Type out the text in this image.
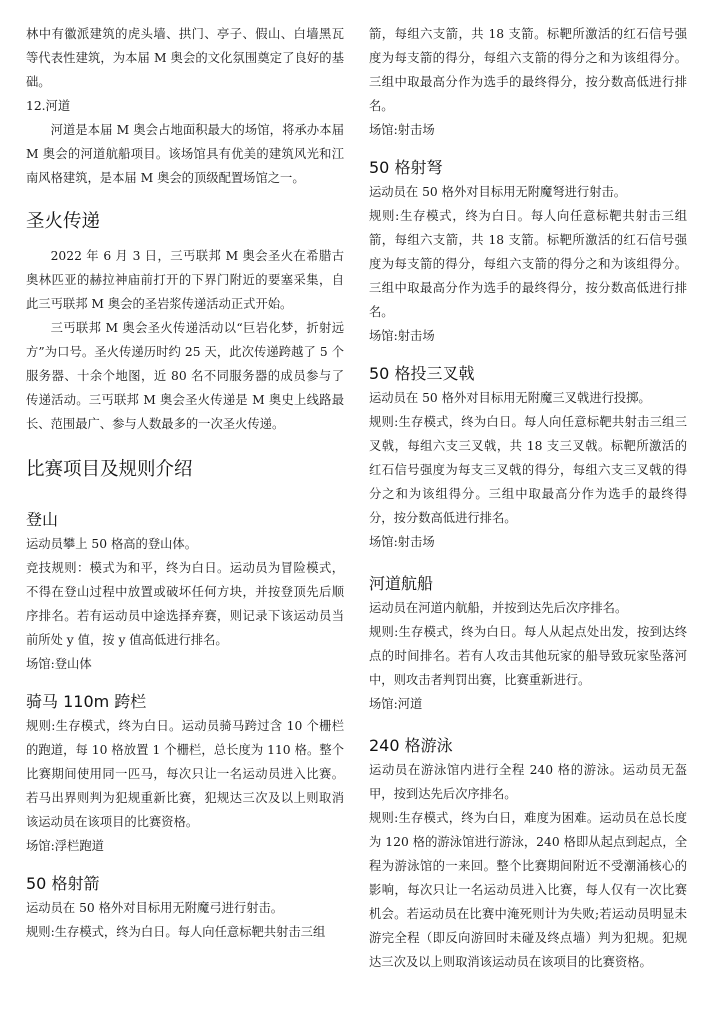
林中有徽派建筑的虎头墙、拱门、亭子、假山、白墙黑瓦等代表性建筑，为本届 M 奥会的文化氛围奠定了良好的基础。

12.河道

河道是本届 M 奥会占地面积最大的场馆，将承办本届 M 奥会的河道航船项目。该场馆具有优美的建筑风光和江南风格建筑，是本届 M 奥会的顶级配置场馆之一。

圣火传递

2022 年 6 月 3 日，三丐联邦 M 奥会圣火在希腊古奥林匹亚的赫拉神庙前打开的下界门附近的要塞采集，自此三丐联邦 M 奥会的圣岩浆传递活动正式开始。

三丐联邦 M 奥会圣火传递活动以“巨岩化梦，折射远方”为口号。圣火传递历时约 25 天，此次传递跨越了 5 个服务器、十余个地图，近 80 名不同服务器的成员参与了传递活动。三丐联邦 M 奥会圣火传递是 M 奥史上线路最长、范围最广、参与人数最多的一次圣火传递。

比赛项目及规则介绍
登山

运动员攀上 50 格高的登山体。

竞技规则：模式为和平，终为白日。运动员为冒险模式，不得在登山过程中放置或破坏任何方块，并按登顶先后顺序排名。若有运动员中途选择弃赛，则记录下该运动员当前所处 y 值，按 y 值高低进行排名。

场馆:登山体

骑马 110m 跨栏

规则:生存模式，终为白日。运动员骑马跨过含 10 个栅栏的跑道，每 10 格放置 1 个栅栏，总长度为 110 格。整个比赛期间使用同一匹马，每次只让一名运动员进入比赛。若马出界则判为犯规重新比赛，犯规达三次及以上则取消该运动员在该项目的比赛资格。

场馆:浮栏跑道

50 格射箭

运动员在 50 格外对目标用无附魔弓进行射击。

规则:生存模式，终为白日。每人向任意标靶共射击三组

箭，每组六支箭，共 18 支箭。标靶所激活的红石信号强度为每支箭的得分，每组六支箭的得分之和为该组得分。三组中取最高分作为选手的最终得分，按分数高低进行排名。

场馆:射击场

50 格射弩

运动员在 50 格外对目标用无附魔弩进行射击。

规则:生存模式，终为白日。每人向任意标靶共射击三组箭，每组六支箭，共 18 支箭。标靶所激活的红石信号强度为每支箭的得分，每组六支箭的得分之和为该组得分。三组中取最高分作为选手的最终得分，按分数高低进行排名。

场馆:射击场

50 格投三叉戟

运动员在 50 格外对目标用无附魔三叉戟进行投掷。

规则:生存模式，终为白日。每人向任意标靶共射击三组三叉戟，每组六支三叉戟，共 18 支三叉戟。标靶所激活的红石信号强度为每支三叉戟的得分，每组六支三叉戟的得分之和为该组得分。三组中取最高分作为选手的最终得分，按分数高低进行排名。

场馆:射击场

河道航船

运动员在河道内航船，并按到达先后次序排名。

规则:生存模式，终为白日。每人从起点处出发，按到达终点的时间排名。若有人攻击其他玩家的船导致玩家坠落河中，则攻击者判罚出赛，比赛重新进行。

场馆:河道

240 格游泳

运动员在游泳馆内进行全程 240 格的游泳。运动员无盔甲，按到达先后次序排名。

规则:生存模式，终为白日，难度为困难。运动员在总长度为 120 格的游泳馆进行游泳，240 格即从起点到起点，全程为游泳馆的一来回。整个比赛期间附近不受潮涌核心的影响，每次只让一名运动员进入比赛，每人仅有一次比赛机会。若运动员在比赛中淹死则计为失败;若运动员明显未游完全程（即反向游回时未碰及终点墙）判为犯规。犯规达三次及以上则取消该运动员在该项目的比赛资格。
